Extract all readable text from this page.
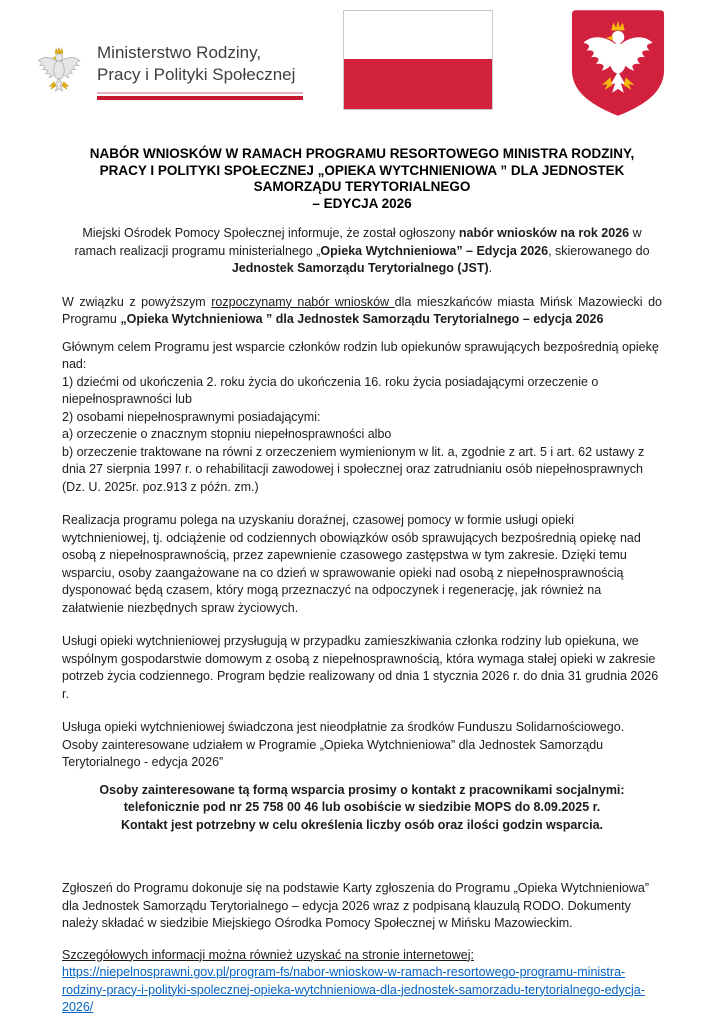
Ministerstwo Rodziny,
Pracy i Polityki Społecznej
NABÓR WNIOSKÓW W RAMACH PROGRAMU RESORTOWEGO MINISTRA RODZINY,
PRACY I POLITYKI SPOŁECZNEJ „OPIEKA WYTCHNIENIOWA ” DLA JEDNOSTEK
SAMORZĄDU TERYTORIALNEGO
– EDYCJA 2026

Miejski Ośrodek Pomocy Społecznej informuje, że został ogłoszony nabór wniosków na rok 2026 w ramach realizacji programu ministerialnego „Opieka Wytchnieniowa” – Edycja 2026, skierowanego do Jednostek Samorządu Terytorialnego (JST).

W związku z powyższym rozpoczynamy nabór wniosków dla mieszkańców miasta Mińsk Mazowiecki do Programu „Opieka Wytchnieniowa ” dla Jednostek Samorządu Terytorialnego – edycja 2026

Głównym celem Programu jest wsparcie członków rodzin lub opiekunów sprawujących bezpośrednią opiekę nad:
1) dziećmi od ukończenia 2. roku życia do ukończenia 16. roku życia posiadającymi orzeczenie o niepełnosprawności lub
2) osobami niepełnosprawnymi posiadającymi:
a) orzeczenie o znacznym stopniu niepełnosprawności albo
b) orzeczenie traktowane na równi z orzeczeniem wymienionym w lit. a, zgodnie z art. 5 i art. 62 ustawy z dnia 27 sierpnia 1997 r. o rehabilitacji zawodowej i społecznej oraz zatrudnianiu osób niepełnosprawnych (Dz. U. 2025r. poz.913 z późn. zm.)

Realizacja programu polega na uzyskaniu doraźnej, czasowej pomocy w formie usługi opieki wytchnieniowej, tj. odciążenie od codziennych obowiązków osób sprawujących bezpośrednią opiekę nad osobą z niepełnosprawnością, przez zapewnienie czasowego zastępstwa w tym zakresie. Dzięki temu wsparciu, osoby zaangażowane na co dzień w sprawowanie opieki nad osobą z niepełnosprawnością dysponować będą czasem, który mogą przeznaczyć na odpoczynek i regenerację, jak również na załatwienie niezbędnych spraw życiowych.

Usługi opieki wytchnieniowej przysługują w przypadku zamieszkiwania członka rodziny lub opiekuna, we wspólnym gospodarstwie domowym z osobą z niepełnosprawnością, która wymaga stałej opieki w zakresie potrzeb życia codziennego. Program będzie realizowany od dnia 1 stycznia 2026 r. do dnia 31 grudnia 2026 r.

Usługa opieki wytchnieniowej świadczona jest nieodpłatnie za środków Funduszu Solidarnościowego. Osoby zainteresowane udziałem w Programie „Opieka Wytchnieniowa” dla Jednostek Samorządu Terytorialnego - edycja 2026”

Osoby zainteresowane tą formą wsparcia prosimy o kontakt z pracownikami socjalnymi: telefonicznie pod nr 25 758 00 46 lub osobiście w siedzibie MOPS do 8.09.2025 r.
Kontakt jest potrzebny w celu określenia liczby osób oraz ilości godzin wsparcia.

Zgłoszeń do Programu dokonuje się na podstawie Karty zgłoszenia do Programu „Opieka Wytchnieniowa” dla Jednostek Samorządu Terytorialnego – edycja 2026 wraz z podpisaną klauzulą RODO. Dokumenty należy składać w siedzibie Miejskiego Ośrodka Pomocy Społecznej w Mińsku Mazowieckim.

Szczegółowych informacji można również uzyskać na stronie internetowej:
https://niepelnosprawni.gov.pl/program-fs/nabor-wnioskow-w-ramach-resortowego-programu-ministra-rodziny-pracy-i-polityki-spolecznej-opieka-wytchnieniowa-dla-jednostek-samorzadu-terytorialnego-edycja-2026/
